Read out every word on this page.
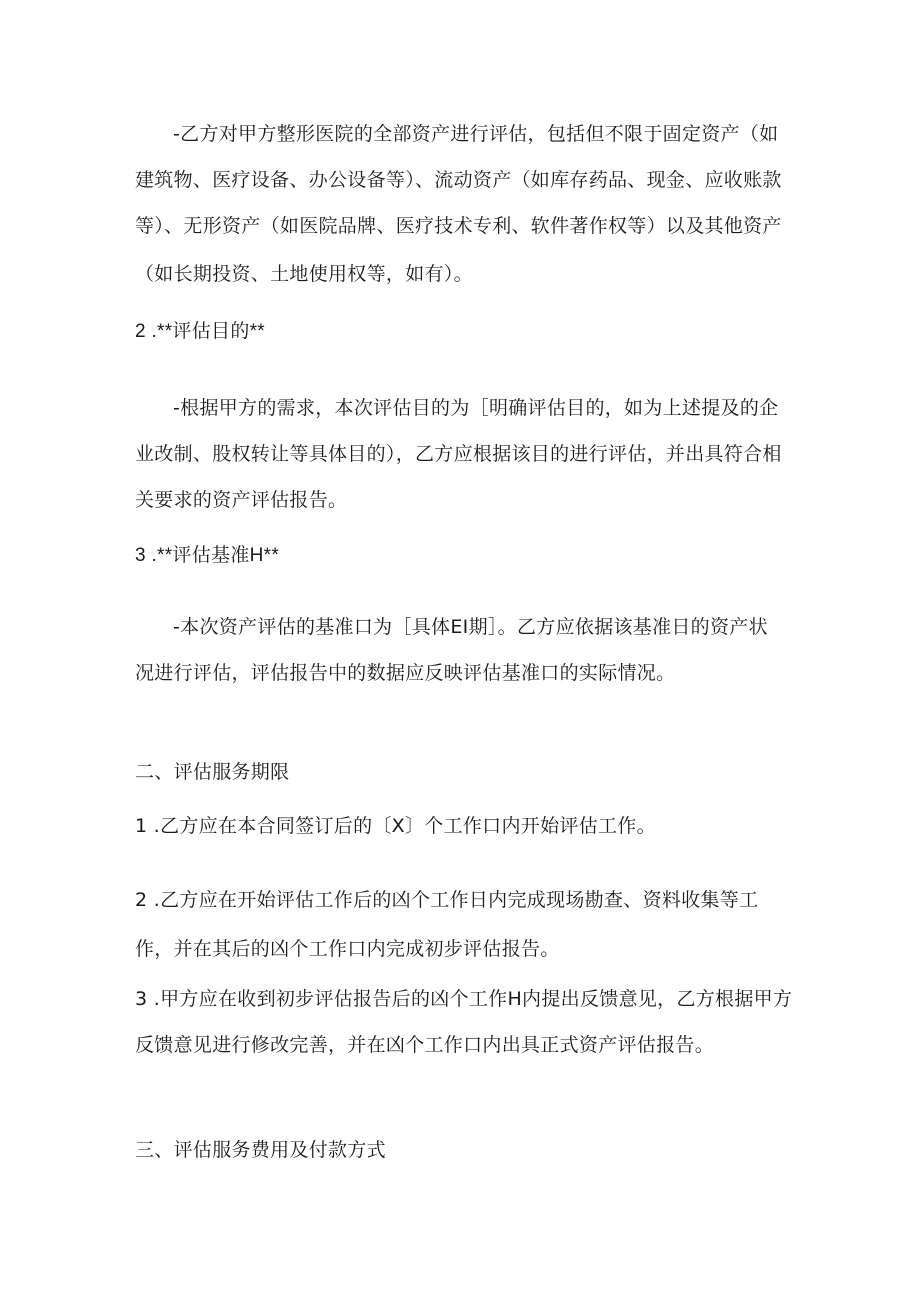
-乙方对甲方整形医院的全部资产进行评估，包括但不限于固定资产（如
建筑物、医疗设备、办公设备等）、流动资产（如库存药品、现金、应收账款
等）、无形资产（如医院品牌、医疗技术专利、软件著作权等）以及其他资产
（如长期投资、土地使用权等，如有）。
2 .**评估目的**
-根据甲方的需求，本次评估目的为［明确评估目的，如为上述提及的企
业改制、股权转让等具体目的），乙方应根据该目的进行评估，并出具符合相
关要求的资产评估报告。
3 .**评估基准H**
-本次资产评估的基准口为［具体EI期］。乙方应依据该基准日的资产状
况进行评估，评估报告中的数据应反映评估基准口的实际情况。
二、评估服务期限
1 .乙方应在本合同签订后的〔X〕个工作口内开始评估工作。
2 .乙方应在开始评估工作后的凶个工作日内完成现场勘查、资料收集等工
作，并在其后的凶个工作口内完成初步评估报告。
3 .甲方应在收到初步评估报告后的凶个工作H内提出反馈意见，乙方根据甲方
反馈意见进行修改完善，并在凶个工作口内出具正式资产评估报告。
三、评估服务费用及付款方式
